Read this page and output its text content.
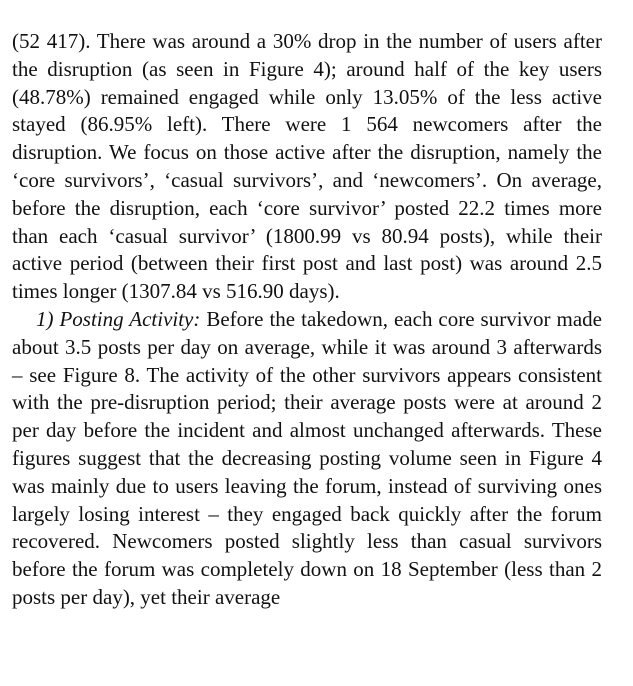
(52 417). There was around a 30% drop in the number of users after the disruption (as seen in Figure 4); around half of the key users (48.78%) remained engaged while only 13.05% of the less active stayed (86.95% left). There were 1 564 newcomers after the disruption. We focus on those active after the disruption, namely the ‘core survivors’, ‘casual survivors’, and ‘newcomers’. On average, before the disruption, each ‘core survivor’ posted 22.2 times more than each ‘casual survivor’ (1800.99 vs 80.94 posts), while their active period (between their first post and last post) was around 2.5 times longer (1307.84 vs 516.90 days).

1) Posting Activity: Before the takedown, each core survivor made about 3.5 posts per day on average, while it was around 3 afterwards – see Figure 8. The activity of the other survivors appears consistent with the pre-disruption period; their average posts were at around 2 per day before the incident and almost unchanged afterwards. These figures suggest that the decreasing posting volume seen in Figure 4 was mainly due to users leaving the forum, instead of surviving ones largely losing interest – they engaged back quickly after the forum recovered. Newcomers posted slightly less than casual survivors before the forum was completely down on 18 September (less than 2 posts per day), yet their average
